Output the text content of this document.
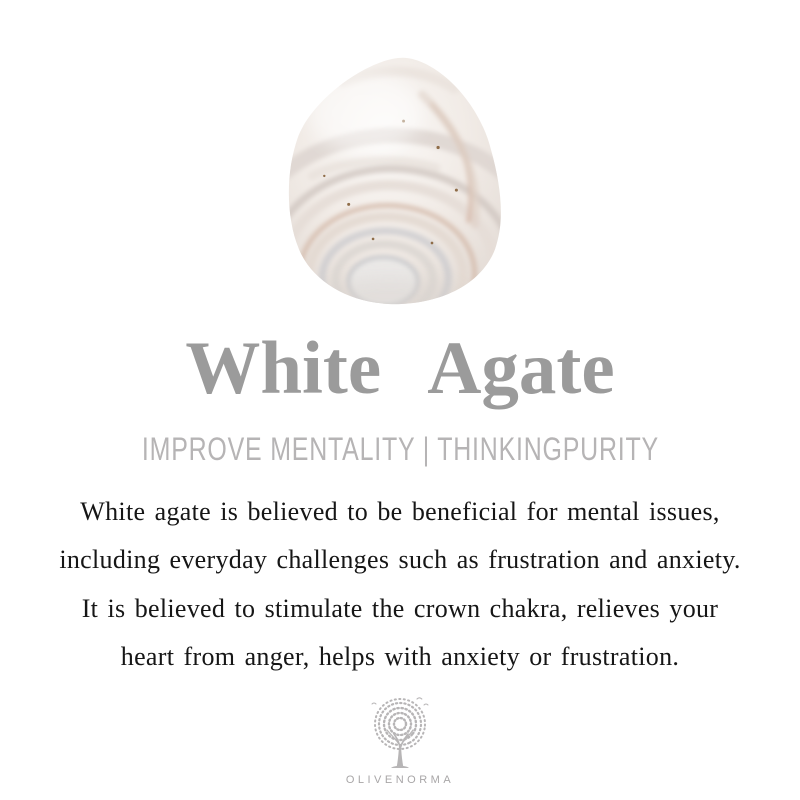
White Agate
IMPROVE MENTALITY | THINKINGPURITY
White agate is believed to be beneficial for mental issues,
including everyday challenges such as frustration and anxiety.
It is believed to stimulate the crown chakra, relieves your
heart from anger, helps with anxiety or frustration.
OLIVENORMA
